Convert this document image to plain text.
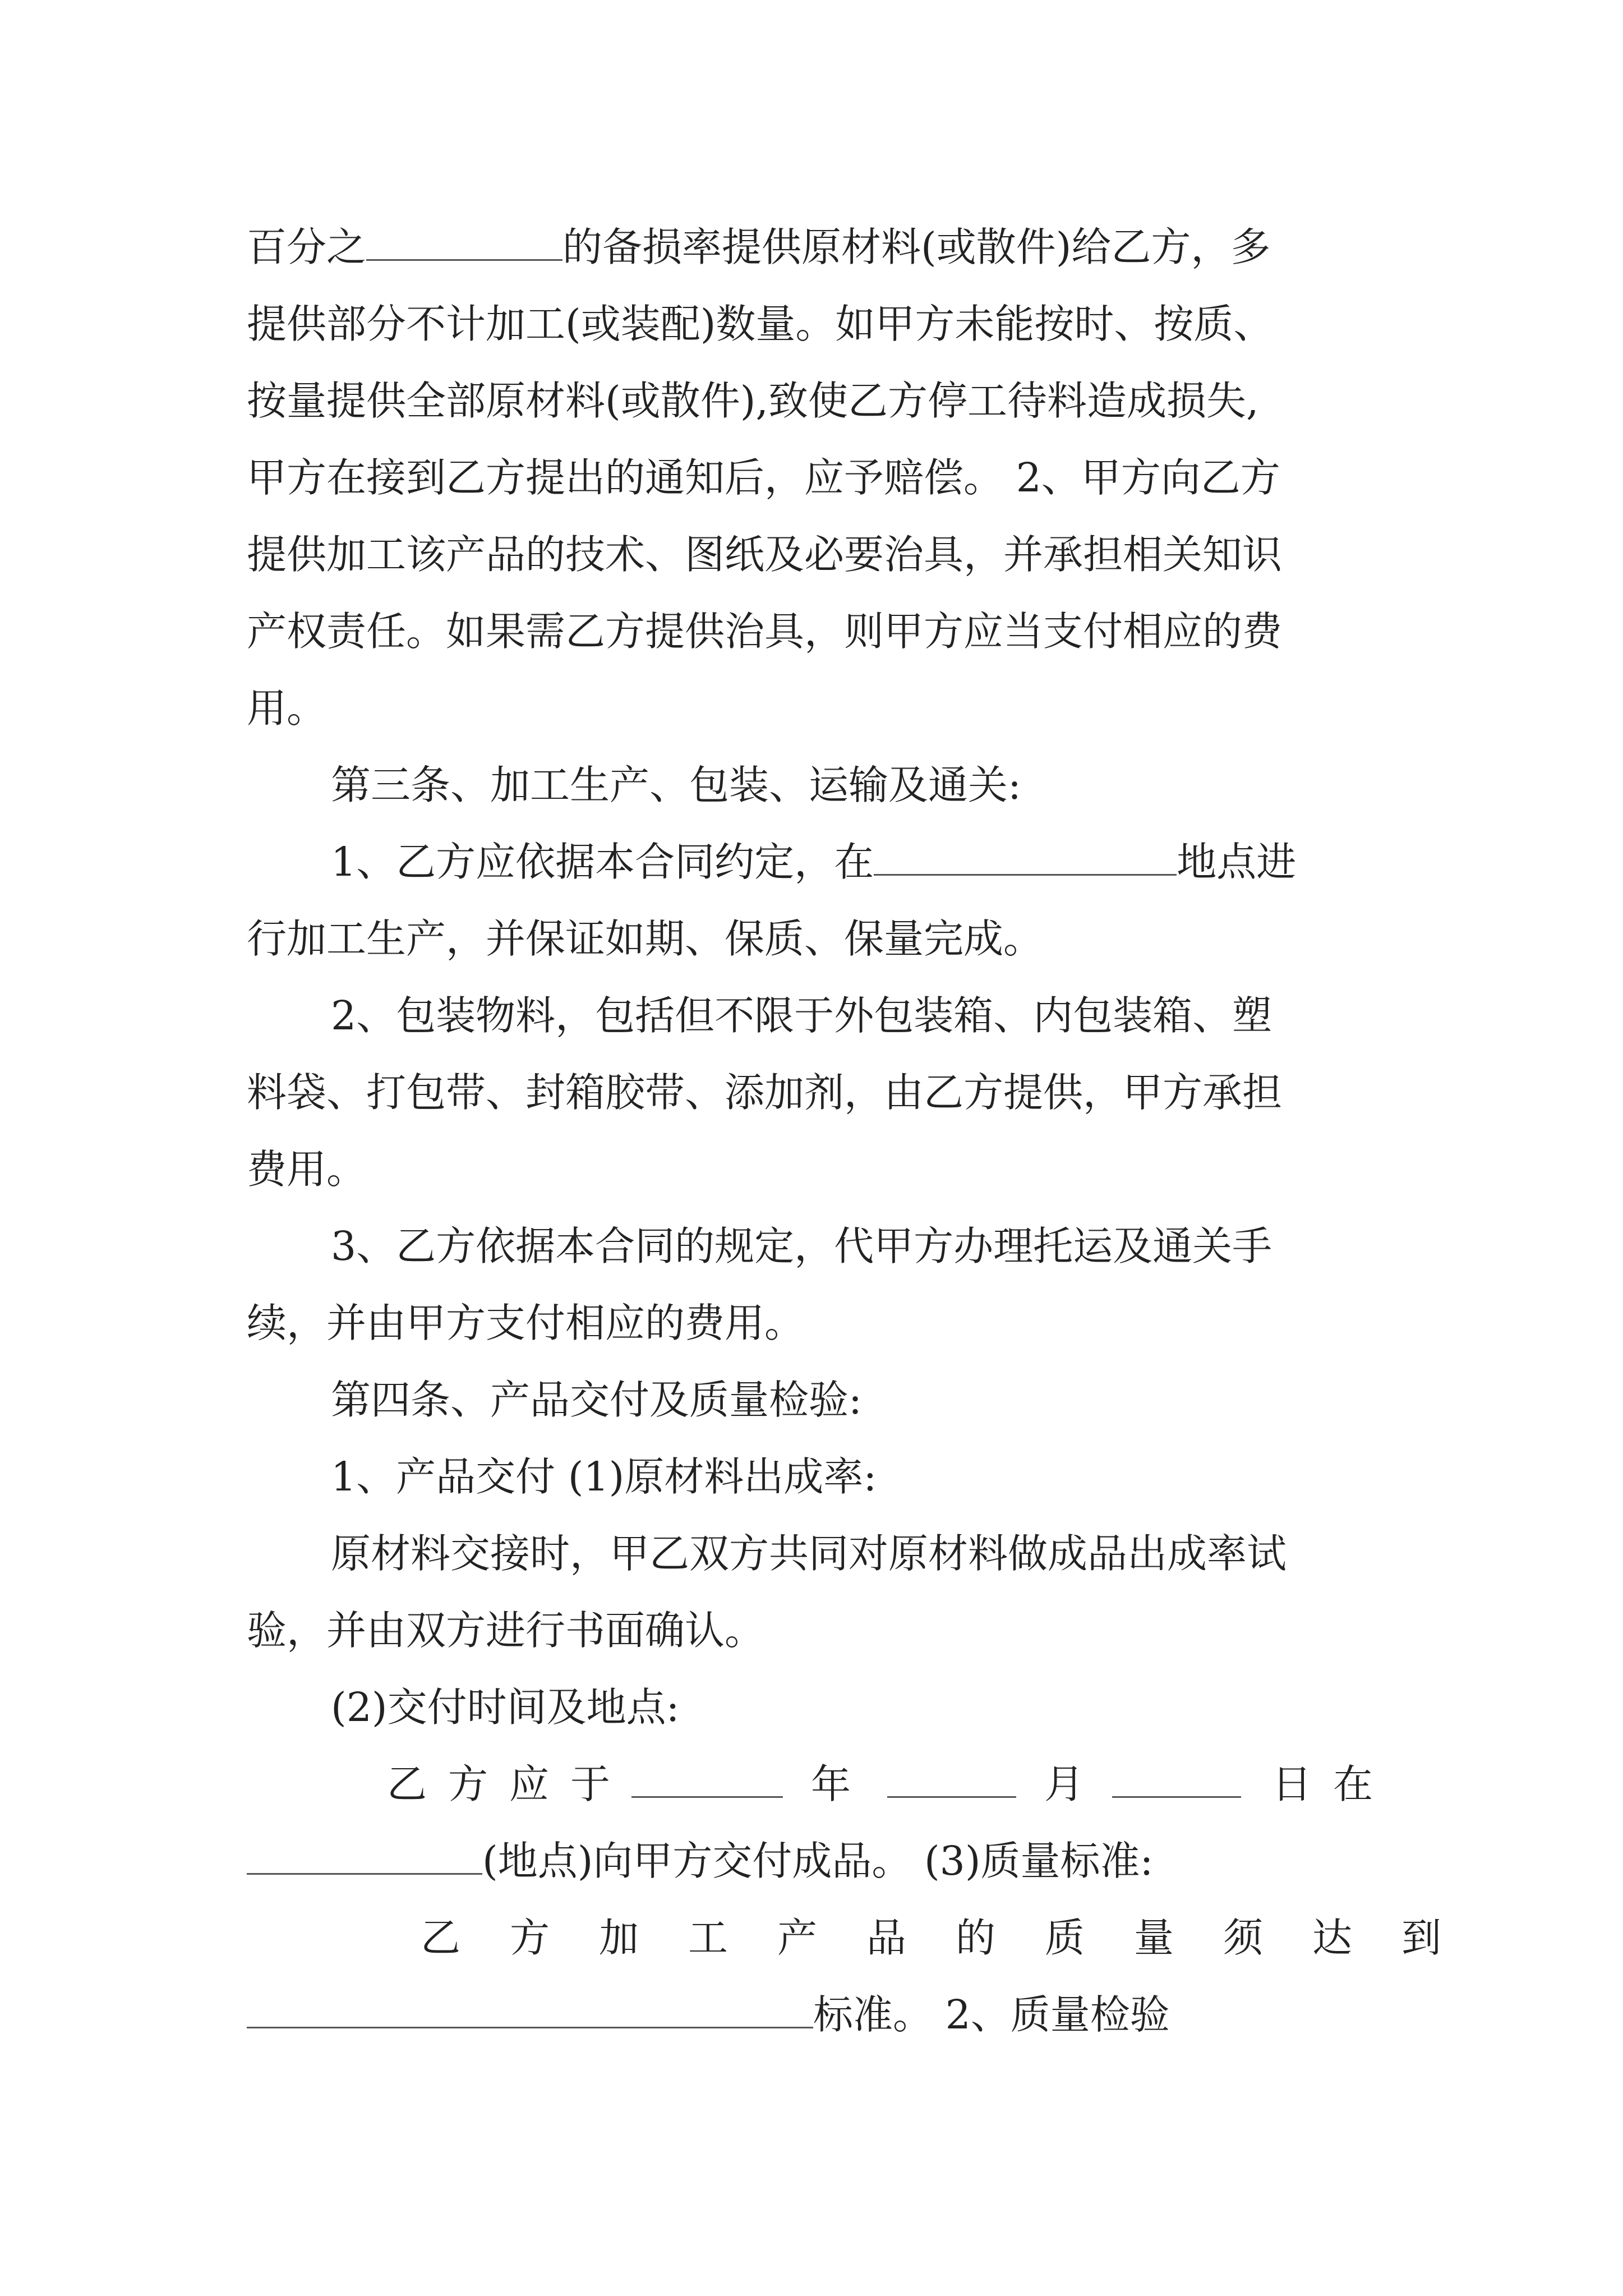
百分之	的备损率提供原材料(或散件)给乙方，多

提供部分不计加工(或装配)数量。如甲方未能按时、按质、

按量提供全部原材料(或散件),致使乙方停工待料造成损失,

甲方在接到乙方提出的通知后，应予赔偿。 2、甲方向乙方

提供加工该产品的技术、图纸及必要治具，并承担相关知识

产权责任。如果需乙方提供治具，则甲方应当支付相应的费

用。

第三条、加工生产、包装、运输及通关:

1、乙方应依据本合同约定，在	地点进

行加工生产，并保证如期、保质、保量完成。

2、包装物料，包括但不限于外包装箱、内包装箱、塑

料袋、打包带、封箱胶带、添加剂，由乙方提供，甲方承担

费用。

3、乙方依据本合同的规定，代甲方办理托运及通关手

续，并由甲方支付相应的费用。

第四条、产品交付及质量检验:

1、产品交付 (1)原材料出成率:

原材料交接时，甲乙双方共同对原材料做成品出成率试

验，并由双方进行书面确认。

(2)交付时间及地点:

乙方应于	年	月	日在

(地点)向甲方交付成品。 (3)质量标准:

乙方加工产品的质量须达到

标准。 2、质量检验
